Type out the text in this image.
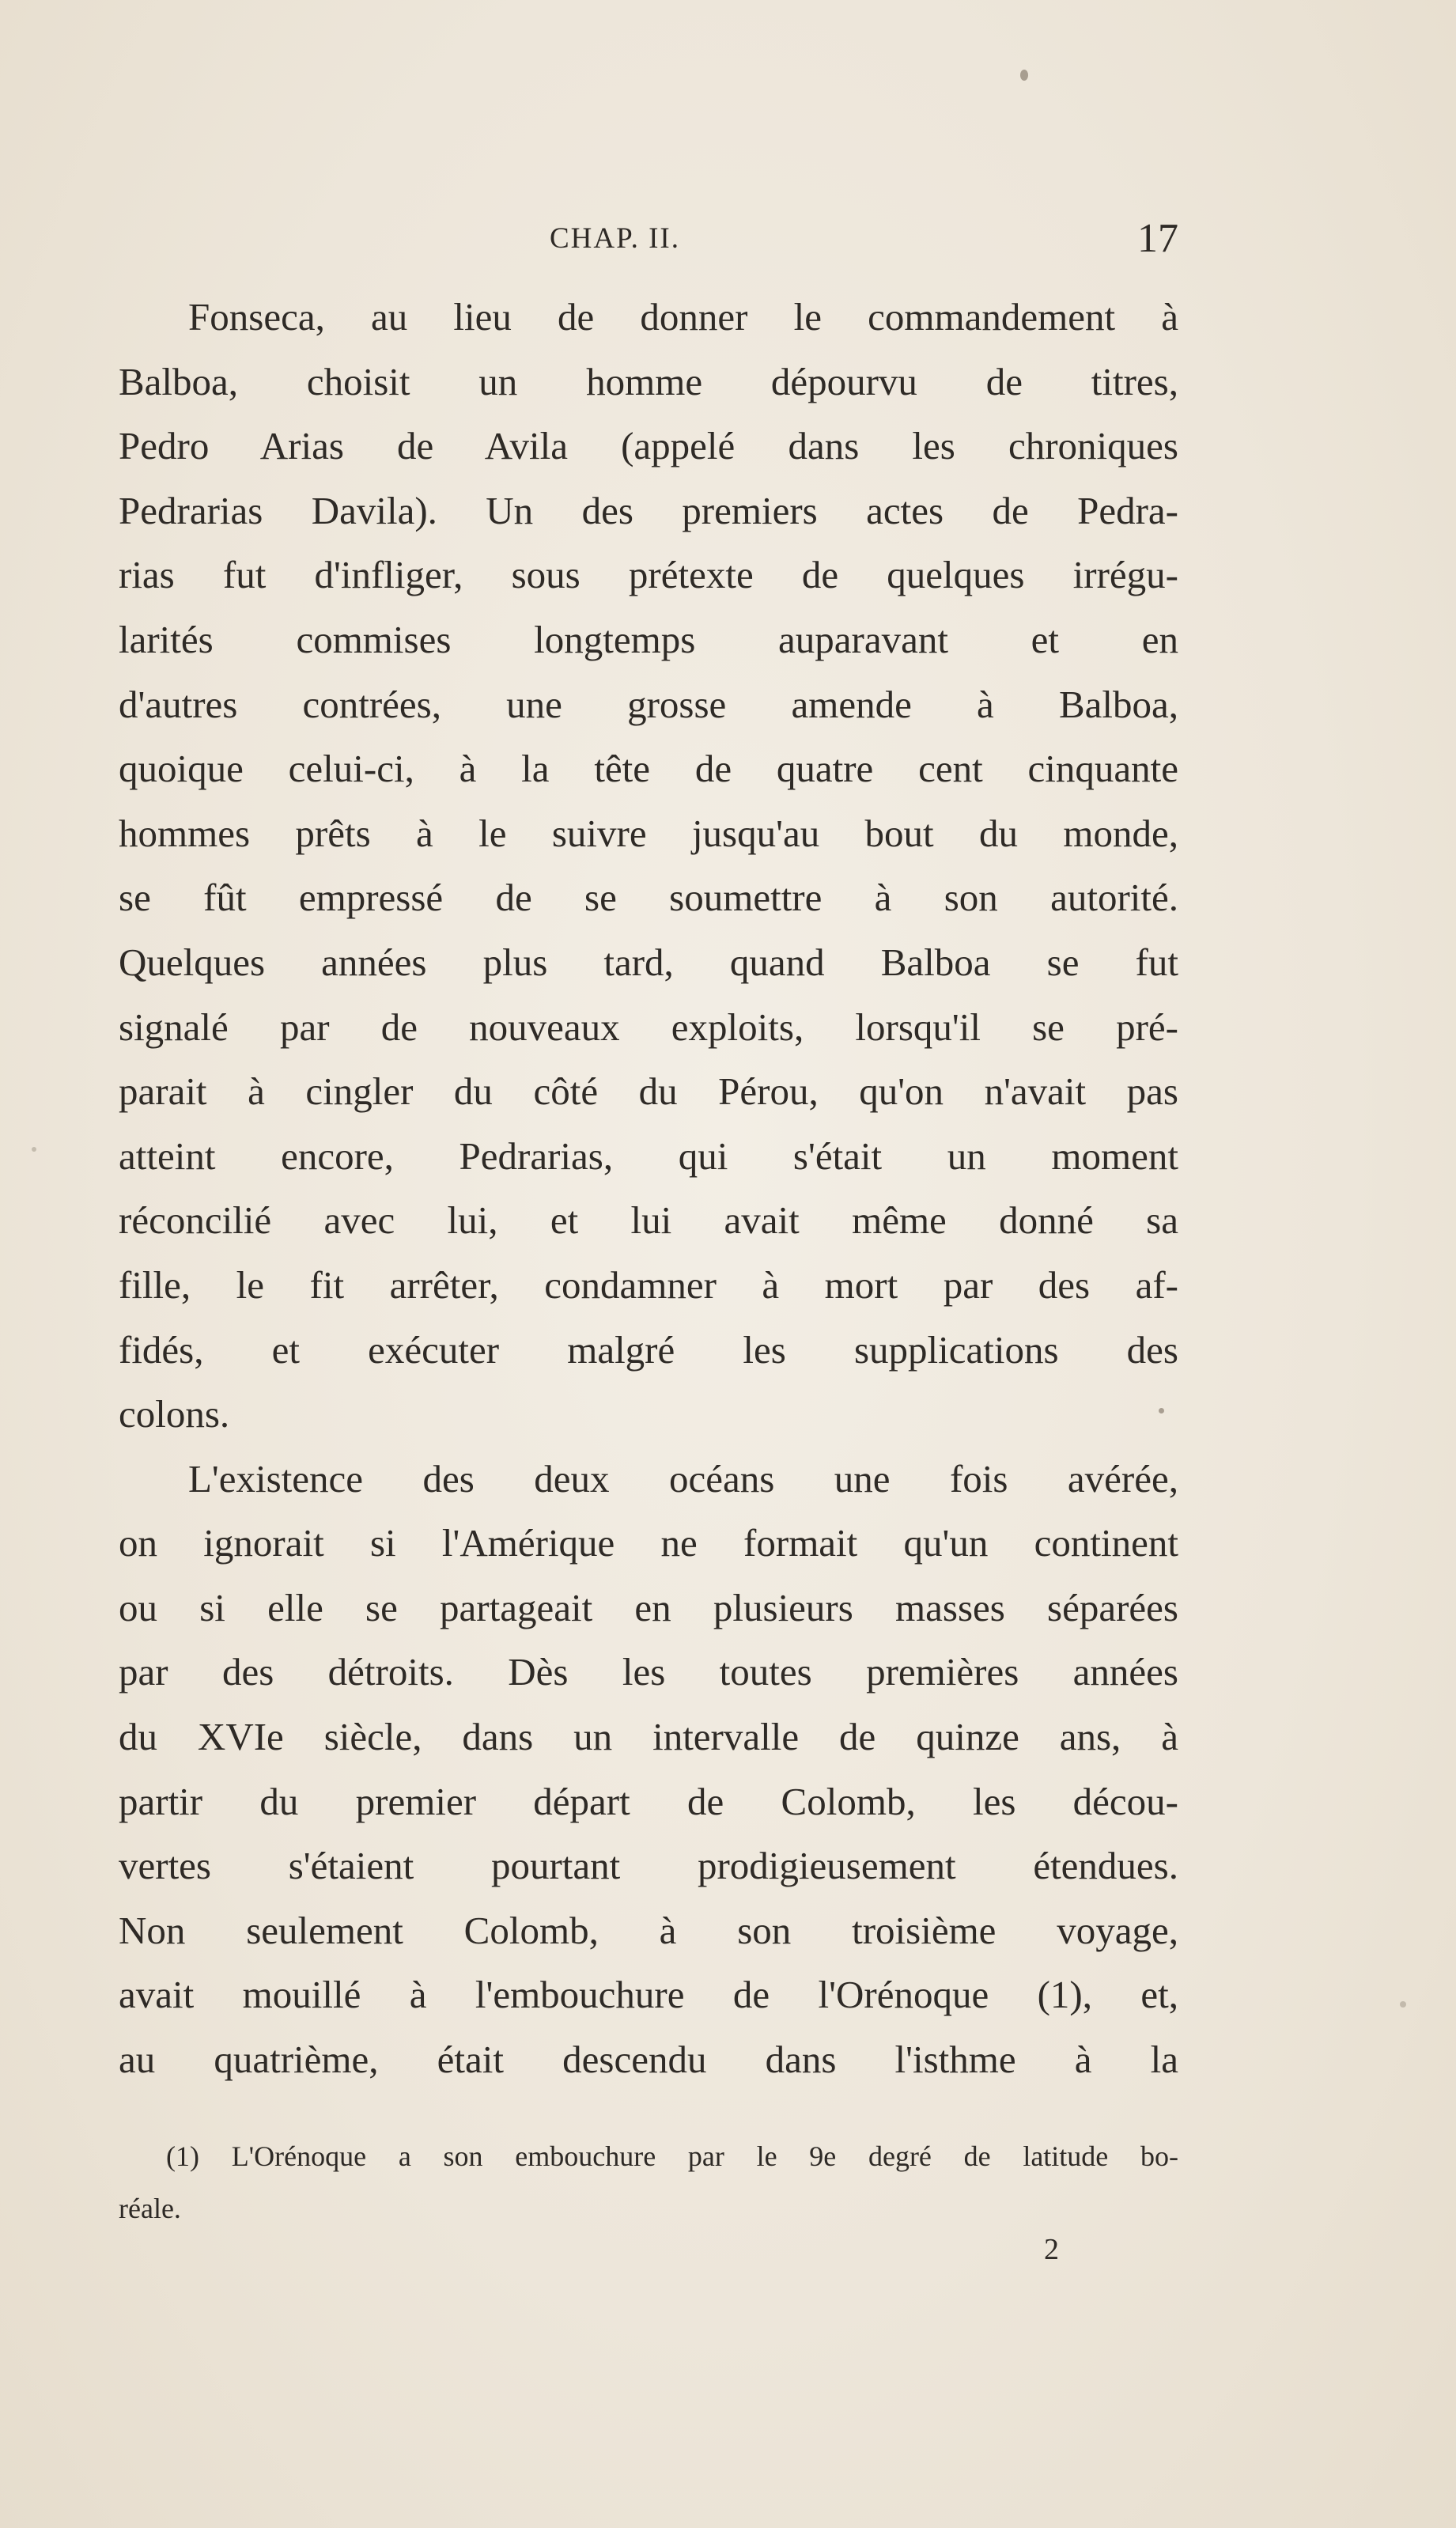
CHAP. II.	17
Fonseca, au lieu de donner le commandement à
Balboa, choisit un homme dépourvu de titres,
Pedro Arias de Avila (appelé dans les chroniques
Pedrarias Davila). Un des premiers actes de Pedra-
rias fut d'infliger, sous prétexte de quelques irrégu-
larités commises longtemps auparavant et en
d'autres contrées, une grosse amende à Balboa,
quoique celui-ci, à la tête de quatre cent cinquante
hommes prêts à le suivre jusqu'au bout du monde,
se fût empressé de se soumettre à son autorité.
Quelques années plus tard, quand Balboa se fut
signalé par de nouveaux exploits, lorsqu'il se pré-
parait à cingler du côté du Pérou, qu'on n'avait pas
atteint encore, Pedrarias, qui s'était un moment
réconcilié avec lui, et lui avait même donné sa
fille, le fit arrêter, condamner à mort par des af-
fidés, et exécuter malgré les supplications des
colons.
L'existence des deux océans une fois avérée,
on ignorait si l'Amérique ne formait qu'un continent
ou si elle se partageait en plusieurs masses séparées
par des détroits. Dès les toutes premières années
du XVIe siècle, dans un intervalle de quinze ans, à
partir du premier départ de Colomb, les décou-
vertes s'étaient pourtant prodigieusement étendues.
Non seulement Colomb, à son troisième voyage,
avait mouillé à l'embouchure de l'Orénoque (1), et,
au quatrième, était descendu dans l'isthme à la
(1) L'Orénoque a son embouchure par le 9e degré de latitude bo-
réale.
2
